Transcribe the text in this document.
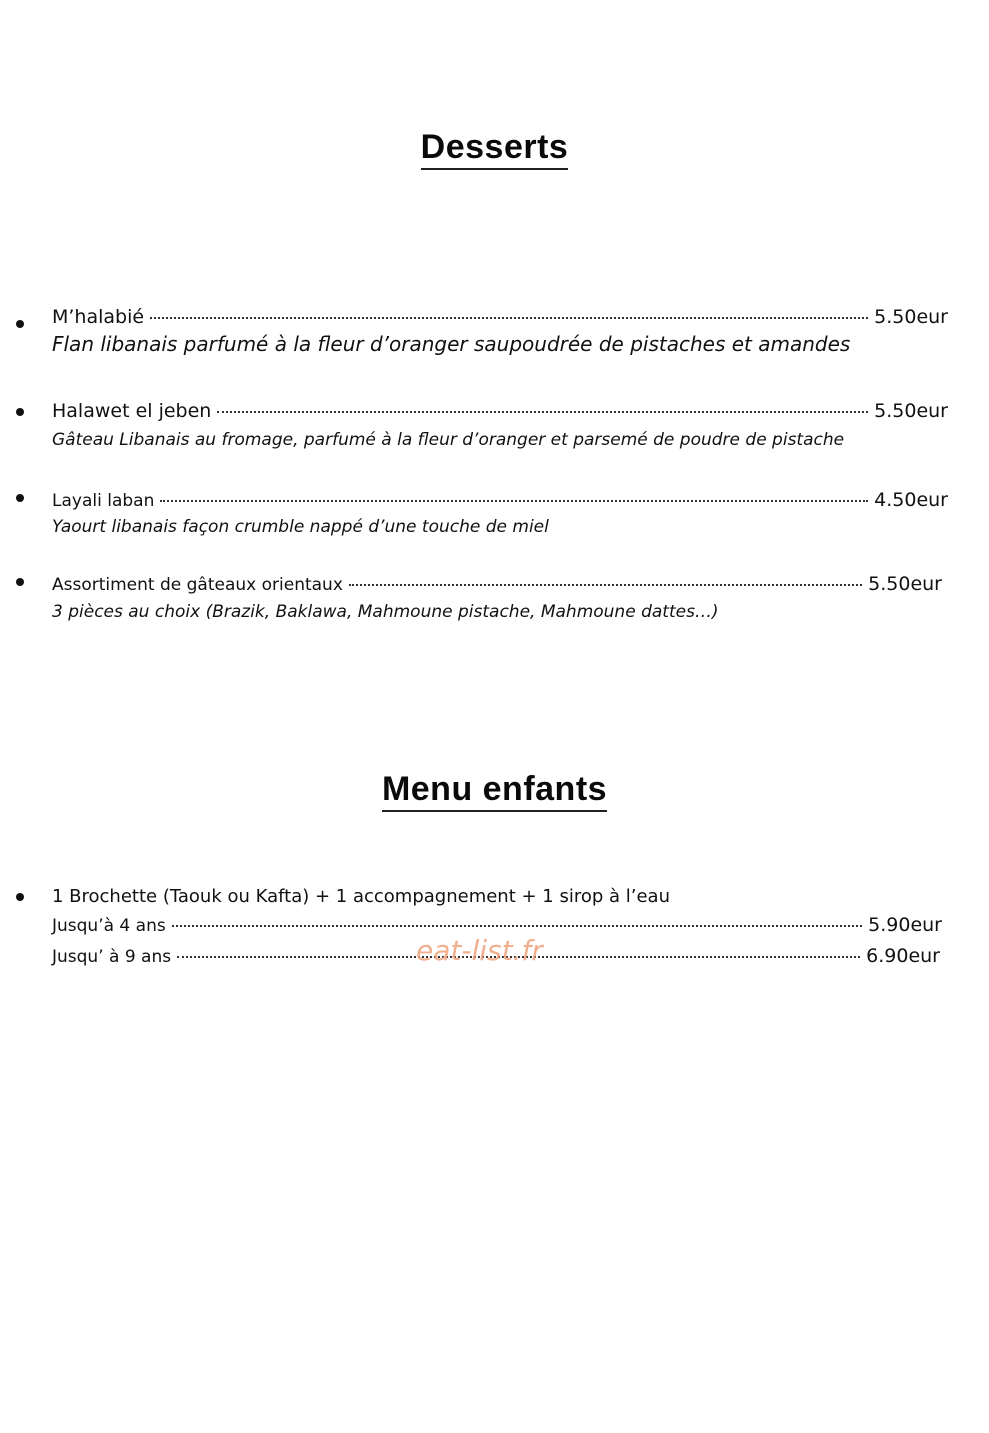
Desserts
M’halabié	5.50eur
Flan libanais parfumé à la fleur d’oranger saupoudrée de pistaches et amandes
Halawet el jeben	5.50eur
Gâteau Libanais au fromage, parfumé à la fleur d’oranger et parsemé de poudre de pistache
Layali laban	4.50eur
Yaourt libanais façon crumble nappé d’une touche de miel
Assortiment de gâteaux orientaux	5.50eur
3 pièces au choix (Brazik, Baklawa, Mahmoune pistache, Mahmoune dattes…)
Menu enfants
1 Brochette (Taouk ou Kafta) + 1 accompagnement + 1 sirop à l’eau
Jusqu’à 4 ans	5.90eur
Jusqu’ à 9 ans	6.90eur
eat-list.fr
